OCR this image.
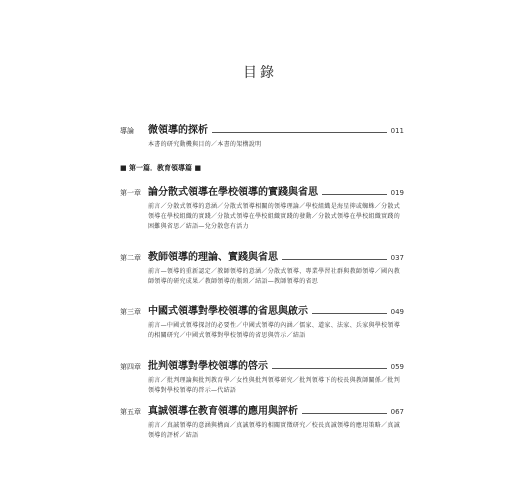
目錄
導論	微領導的探析	011
本書的研究動機與目的／本書的架構說明
■ 第一篇．教育領導篇 ■
第一章 論分散式領導在學校領導的實踐與省思	019
前言／分散式領導的意涵／分散式領導相關的領導理論／學校組織是海星抑或蜘蛛／分散式領導在學校組織的實踐／分散式領導在學校組織實踐的發動／分散式領導在學校組織實踐的困難與省思／結語—兌分散您有活力
第二章 教師領導的理論、實踐與省思	037
前言—領導的重新認定／教師領導的意涵／分散式領導、專業學習社群與教師領導／國內教師領導的研究成果／教師領導的瓶頸／結語—教師領導的省思
第三章 中國式領導對學校領導的省思與啟示	049
前言—中國式領導探討的必要性／中國式領導的內涵／儒家、道家、法家、兵家與學校領導的相關研究／中國式領導對學校領導的省思與啓示／結語
第四章 批判領導對學校領導的啓示	059
前言／批判理論與批判教育學／女性與批判領導研究／批判領導下的校長與教師關係／批判領導對學校領導的啓示—代結語
第五章 真誠領導在教育領導的應用與評析	067
前言／真誠領導的意涵與構面／真誠領導的相關實徵研究／校長真誠領導的應用策略／真誠領導的評析／結語
